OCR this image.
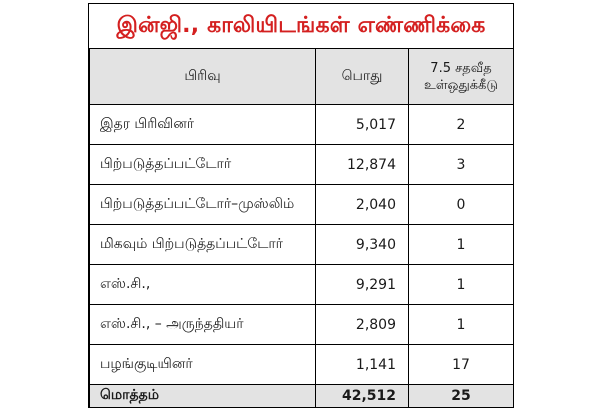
இன்ஜி., காலியிடங்கள் எண்ணிக்கை
பிரிவு	பொது	7.5 சதவீத
உள்ஒதுக்கீடு
இதர பிரிவினர்	5,017	2
பிற்படுத்தப்பட்டோர்	12,874	3
பிற்படுத்தப்பட்டோர்–முஸ்லிம்	2,040	0
மிகவும் பிற்படுத்தப்பட்டோர்	9,340	1
எஸ்.சி.,	9,291	1
எஸ்.சி., – அருந்ததியர்	2,809	1
பழங்குடியினர்	1,141	17
மொத்தம்	42,512	25
